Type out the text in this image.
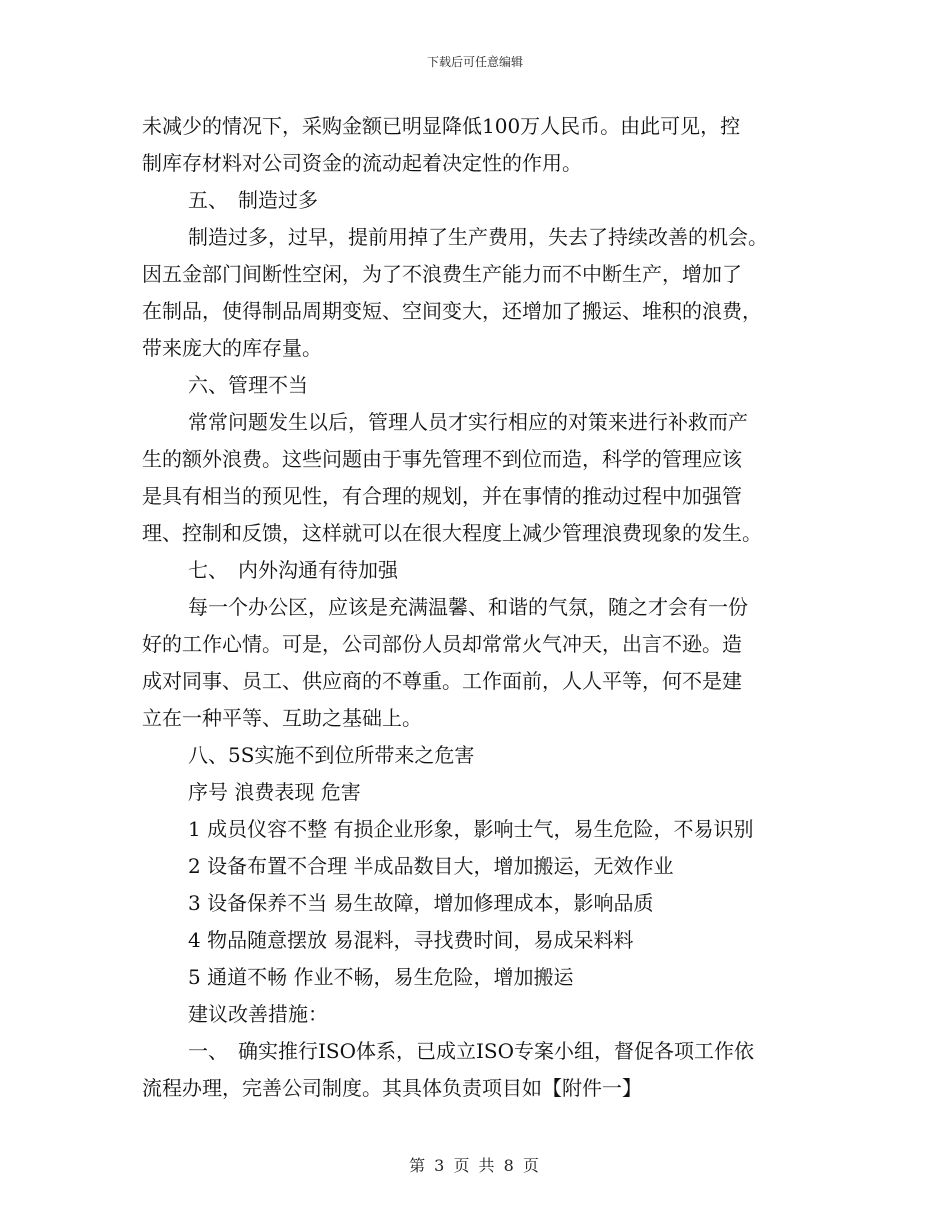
下载后可任意编辑
未减少的情况下，采购金额已明显降低100万人民币。由此可见，控
制库存材料对公司资金的流动起着决定性的作用。
五、　制造过多
制造过多，过早，提前用掉了生产费用，失去了持续改善的机会。
因五金部门间断性空闲，为了不浪费生产能力而不中断生产，增加了
在制品，使得制品周期变短、空间变大，还增加了搬运、堆积的浪费，
带来庞大的库存量。
六、管理不当
常常问题发生以后，管理人员才实行相应的对策来进行补救而产
生的额外浪费。这些问题由于事先管理不到位而造，科学的管理应该
是具有相当的预见性，有合理的规划，并在事情的推动过程中加强管
理、控制和反馈，这样就可以在很大程度上减少管理浪费现象的发生。
七、　内外沟通有待加强
每一个办公区，应该是充满温馨、和谐的气氛，随之才会有一份
好的工作心情。可是，公司部份人员却常常火气冲天，出言不逊。造
成对同事、员工、供应商的不尊重。工作面前，人人平等，何不是建
立在一种平等、互助之基础上。
八、5S实施不到位所带来之危害
序号 浪费表现 危害
1 成员仪容不整 有损企业形象，影响士气，易生危险，不易识别
2 设备布置不合理 半成品数目大，增加搬运，无效作业
3 设备保养不当 易生故障，增加修理成本，影响品质
4 物品随意摆放 易混料，寻找费时间，易成呆料料
5 通道不畅 作业不畅，易生危险，增加搬运
建议改善措施：
一、　确实推行ISO体系，已成立ISO专案小组，督促各项工作依
流程办理，完善公司制度。其具体负责项目如【附件一】
第 3 页 共 8 页
